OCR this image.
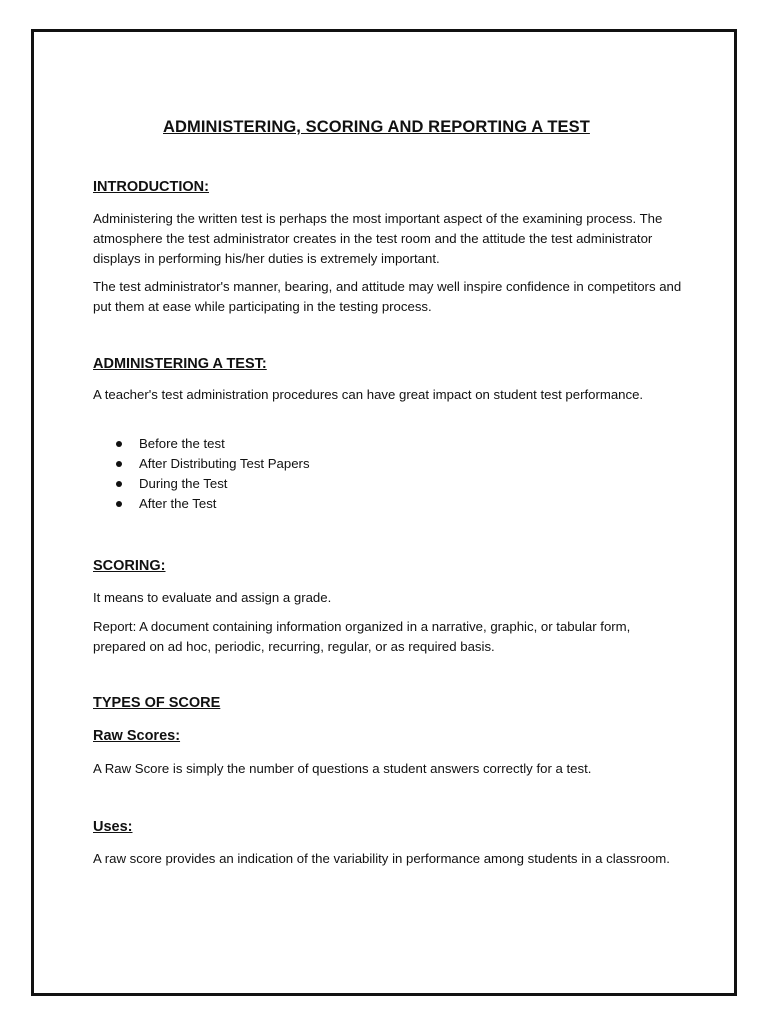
ADMINISTERING, SCORING AND REPORTING A TEST
INTRODUCTION:

Administering the written test is perhaps the most important aspect of the examining process. The atmosphere the test administrator creates in the test room and the attitude the test administrator displays in performing his/her duties is extremely important.

The test administrator's manner, bearing, and attitude may well inspire confidence in competitors and put them at ease while participating in the testing process.

ADMINISTERING A TEST:

A teacher's test administration procedures can have great impact on student test performance.

Before the test
After Distributing Test Papers
During the Test
After the Test
SCORING:

It means to evaluate and assign a grade.

Report: A document containing information organized in a narrative, graphic, or tabular form, prepared on ad hoc, periodic, recurring, regular, or as required basis.

TYPES OF SCORE
Raw Scores:

A Raw Score is simply the number of questions a student answers correctly for a test.

Uses:

A raw score provides an indication of the variability in performance among students in a classroom.
